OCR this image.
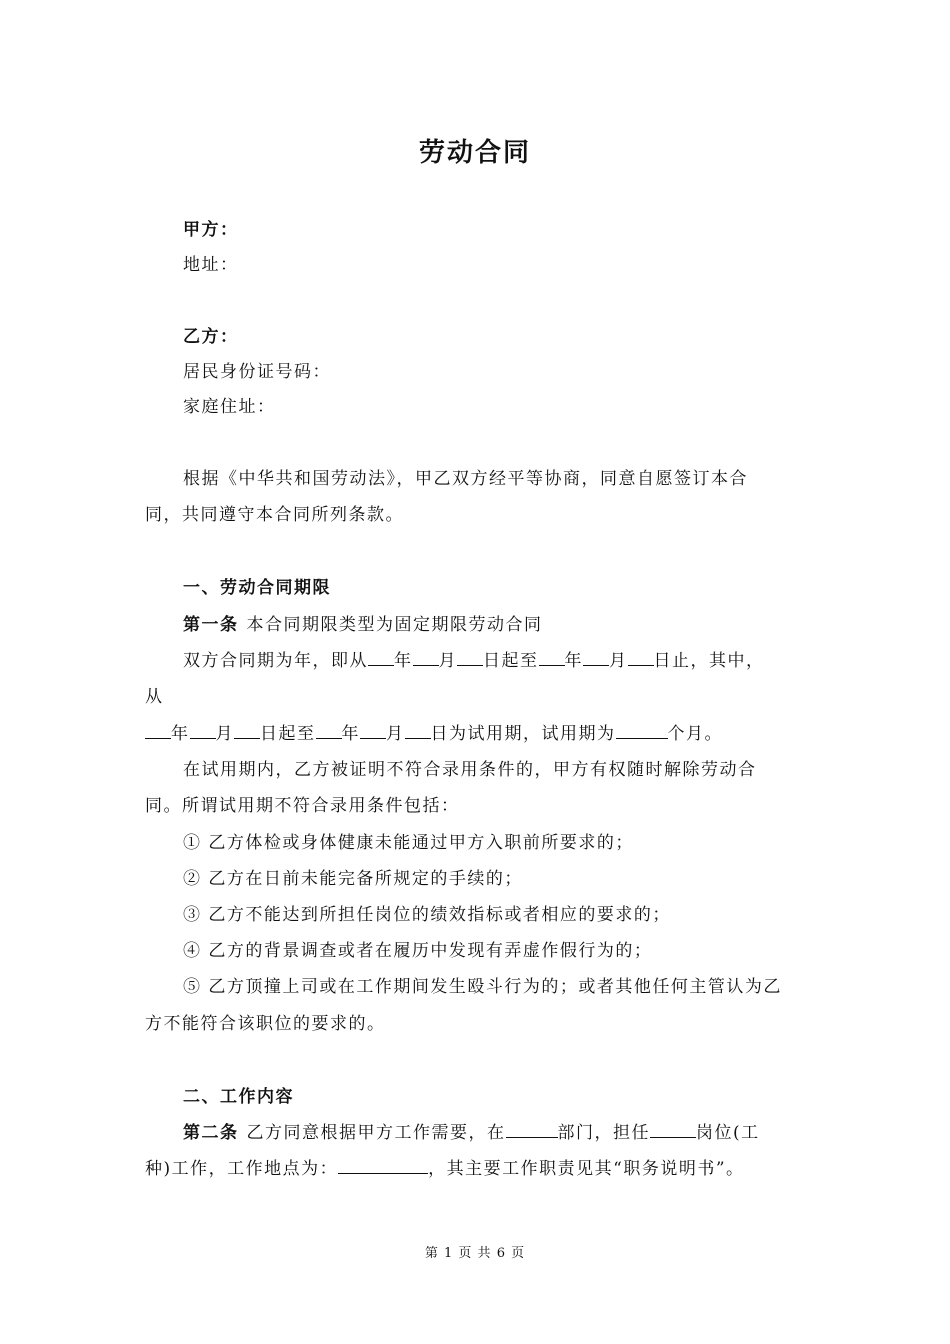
劳动合同
甲方：
地址：
乙方：
居民身份证号码：
家庭住址：
根据《中华共和国劳动法》，甲乙双方经平等协商，同意自愿签订本合
同，共同遵守本合同所列条款。
一、劳动合同期限
第一条 本合同期限类型为固定期限劳动合同
双方合同期为年，即从 年 月 日起至 年 月 日止，其中，
从
年 月 日起至 年 月 日为试用期，试用期为	个月。
在试用期内，乙方被证明不符合录用条件的，甲方有权随时解除劳动合
同。所谓试用期不符合录用条件包括：
① 乙方体检或身体健康未能通过甲方入职前所要求的；
② 乙方在日前未能完备所规定的手续的；
③ 乙方不能达到所担任岗位的绩效指标或者相应的要求的；
④ 乙方的背景调查或者在履历中发现有弄虚作假行为的；
⑤ 乙方顶撞上司或在工作期间发生殴斗行为的；或者其他任何主管认为乙
方不能符合该职位的要求的。
二、工作内容
第二条 乙方同意根据甲方工作需要，在	部门，担任	岗位(工
种)工作，工作地点为：	，其主要工作职责见其“职务说明书”。
第 1 页 共 6 页
